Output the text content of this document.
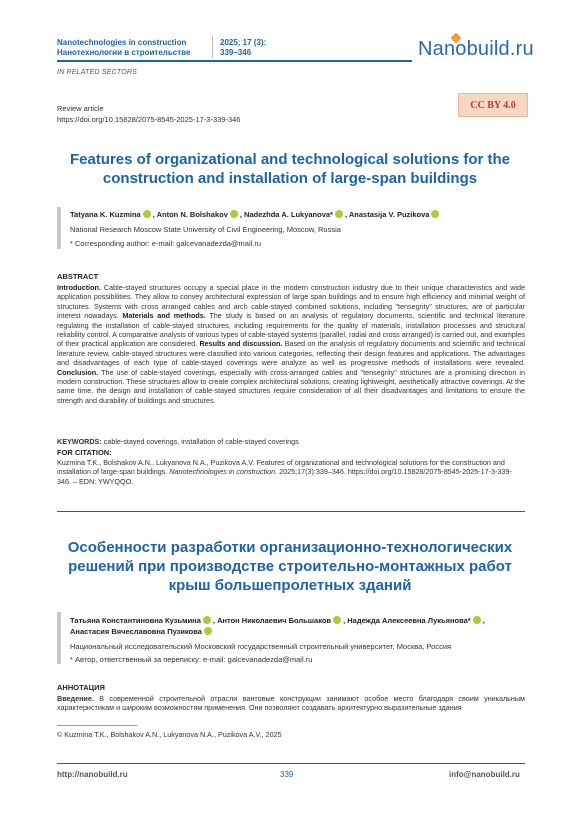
Nanotechnologies in construction
Нанотехнологии в строительстве
2025; 17 (3):
339–346	Nanobuild.ru
IN RELATED SECTORS
Review article
https://doi.org/10.15828/2075-8545-2025-17-3-339-346
CC BY 4.0
Features of organizational and technological solutions for the construction and installation of large-span buildings
Tatyana K. Kuzmina , Anton N. Bolshakov , Nadezhda A. Lukyanova* , Anastasija V. Puzikova
National Research Moscow State University of Civil Engineering, Moscow, Russia
* Corresponding author: e-mail: galcevanadezda@mail.ru
ABSTRACT
Introduction. Cable-stayed structures occupy a special place in the modern construction industry due to their unique characteristics and wide application possibilities. They allow to convey architectural expression of large span buildings and to ensure high efficiency and minimal weight of structures. Systems with cross arranged cables and arch cable-stayed combined solutions, including "tensegrity" structures, are of particular interest nowadays. Materials and methods. The study is based on an analysis of regulatory documents, scientific and technical literature regulating the installation of cable-stayed structures, including requirements for the quality of materials, installation processes and structural reliability control. A comparative analysis of various types of cable-stayed systems (parallel, radial and cross arranged) is carried out, and examples of their practical application are considered. Results and discussion. Based on the analysis of regulatory documents and scientific and technical literature review, cable-stayed structures were classified into various categories, reflecting their design features and applications. The advantages and disadvantages of each type of cable-stayed coverings were analyze as well as progressive methods of installations were revealed. Conclusion. The use of cable-stayed coverings, especially with cross-arranged cables and "tensegrity" structures are a promising direction in modern construction. These structures allow to create complex architectural solutions, creating lightweight, aesthetically attractive coverings. At the same time, the design and installation of cable-stayed structures require consideration of all their disadvantages and limitations to ensure the strength and durability of buildings and structures.
KEYWORDS: cable-stayed coverings, installation of cable-stayed coverings
FOR CITATION:
Kuzmina T.K., Bolshakov A.N., Lukyanova N.A., Puzikova A.V. Features of organizational and technological solutions for the construction and installation of large-span buildings. Nanotechnologies in construction. 2025;17(3):339–346. https://doi.org/10.15828/2075-8545-2025-17-3-339-346. – EDN: YWYQQO.
Особенности разработки организационно-технологических решений при производстве строительно-монтажных работ крыш большепролетных зданий
Татьяна Константиновна Кузьмина , Антон Николаевич Большаков , Надежда Алексеевна Лукьянова* ,
Анастасия Вячеславовна Пузикова
Национальный исследовательский Московский государственный строительный университет, Москва, Россия
* Автор, ответственный за переписку: e-mail: galcevanadezda@mail.ru
АННОТАЦИЯ
Введение. В современной строительной отрасли вантовые конструкции занимают особое место благодаря своим уникальным характеристикам и широким возможностям применения. Они позволяют создавать архитектурно выразительные здания
© Kuzmina T.K., Bolshakov A.N., Lukyanova N.A., Puzikova A.V., 2025
http://nanobuild.ru	339	info@nanobuild.ru
